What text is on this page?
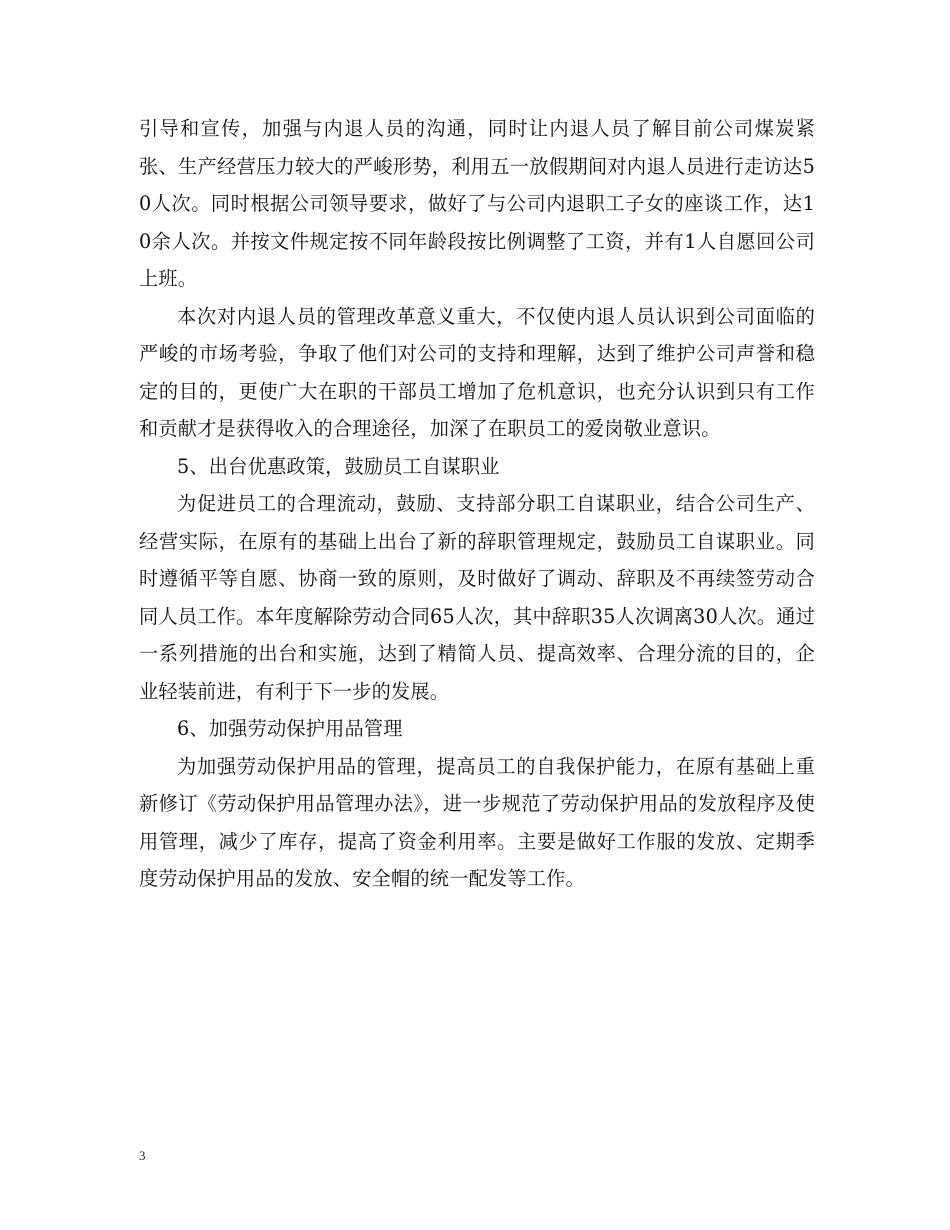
引导和宣传，加强与内退人员的沟通，同时让内退人员了解目前公司煤炭紧张、生产经营压力较大的严峻形势，利用五一放假期间对内退人员进行走访达50人次。同时根据公司领导要求，做好了与公司内退职工子女的座谈工作，达10余人次。并按文件规定按不同年龄段按比例调整了工资，并有1人自愿回公司上班。

本次对内退人员的管理改革意义重大，不仅使内退人员认识到公司面临的严峻的市场考验，争取了他们对公司的支持和理解，达到了维护公司声誉和稳定的目的，更使广大在职的干部员工增加了危机意识，也充分认识到只有工作和贡献才是获得收入的合理途径，加深了在职员工的爱岗敬业意识。

5、出台优惠政策，鼓励员工自谋职业

为促进员工的合理流动，鼓励、支持部分职工自谋职业，结合公司生产、经营实际，在原有的基础上出台了新的辞职管理规定，鼓励员工自谋职业。同时遵循平等自愿、协商一致的原则，及时做好了调动、辞职及不再续签劳动合同人员工作。本年度解除劳动合同65人次，其中辞职35人次调离30人次。通过一系列措施的出台和实施，达到了精简人员、提高效率、合理分流的目的，企业轻装前进，有利于下一步的发展。

6、加强劳动保护用品管理

为加强劳动保护用品的管理，提高员工的自我保护能力，在原有基础上重新修订《劳动保护用品管理办法》，进一步规范了劳动保护用品的发放程序及使用管理，减少了库存，提高了资金利用率。主要是做好工作服的发放、定期季度劳动保护用品的发放、安全帽的统一配发等工作。

3
